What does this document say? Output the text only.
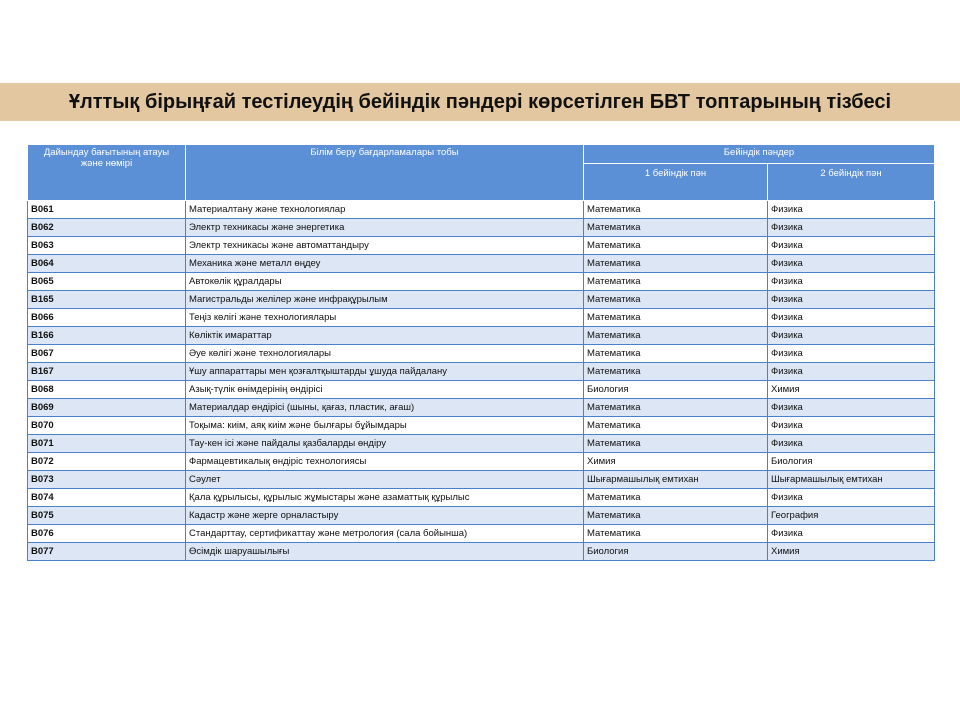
Ұлттық бірыңғай тестілеудің бейіндік пәндері көрсетілген БВТ топтарының тізбесі
Дайындау бағытының атауы және нөмірі	Білім беру бағдарламалары тобы	Бейіндік пәндер	
		1 бейіндік пән	2 бейіндік пән
B061	Материалтану және технологиялар	Математика	Физика
B062	Электр техникасы және энергетика	Математика	Физика
B063	Электр техникасы және автоматтандыру	Математика	Физика
B064	Механика және металл өңдеу	Математика	Физика
B065	Автокөлік құралдары	Математика	Физика
B165	Магистральды желілер және инфрақұрылым	Математика	Физика
B066	Теңіз көлігі және технологиялары	Математика	Физика
B166	Көліктік имараттар	Математика	Физика
B067	Әуе көлігі және технологиялары	Математика	Физика
B167	Ұшу аппараттары мен қозғалтқыштарды ұшуда пайдалану	Математика	Физика
B068	Азық-түлік өнімдерінің өндірісі	Биология	Химия
B069	Материалдар өндірісі (шыны, қағаз, пластик, ағаш)	Математика	Физика
B070	Тоқыма: киім, аяқ киім және былғары бұйымдары	Математика	Физика
B071	Тау-кен ісі және пайдалы қазбаларды өндіру	Математика	Физика
B072	Фармацевтикалық өндіріс технологиясы	Химия	Биология
B073	Сәулет	Шығармашылық емтихан	Шығармашылық емтихан
B074	Қала құрылысы, құрылыс жұмыстары және азаматтық құрылыс	Математика	Физика
B075	Кадастр және жерге орналастыру	Математика	География
B076	Стандарттау, сертификаттау және метрология (сала бойынша)	Математика	Физика
B077	Өсімдік шаруашылығы	Биология	Химия
